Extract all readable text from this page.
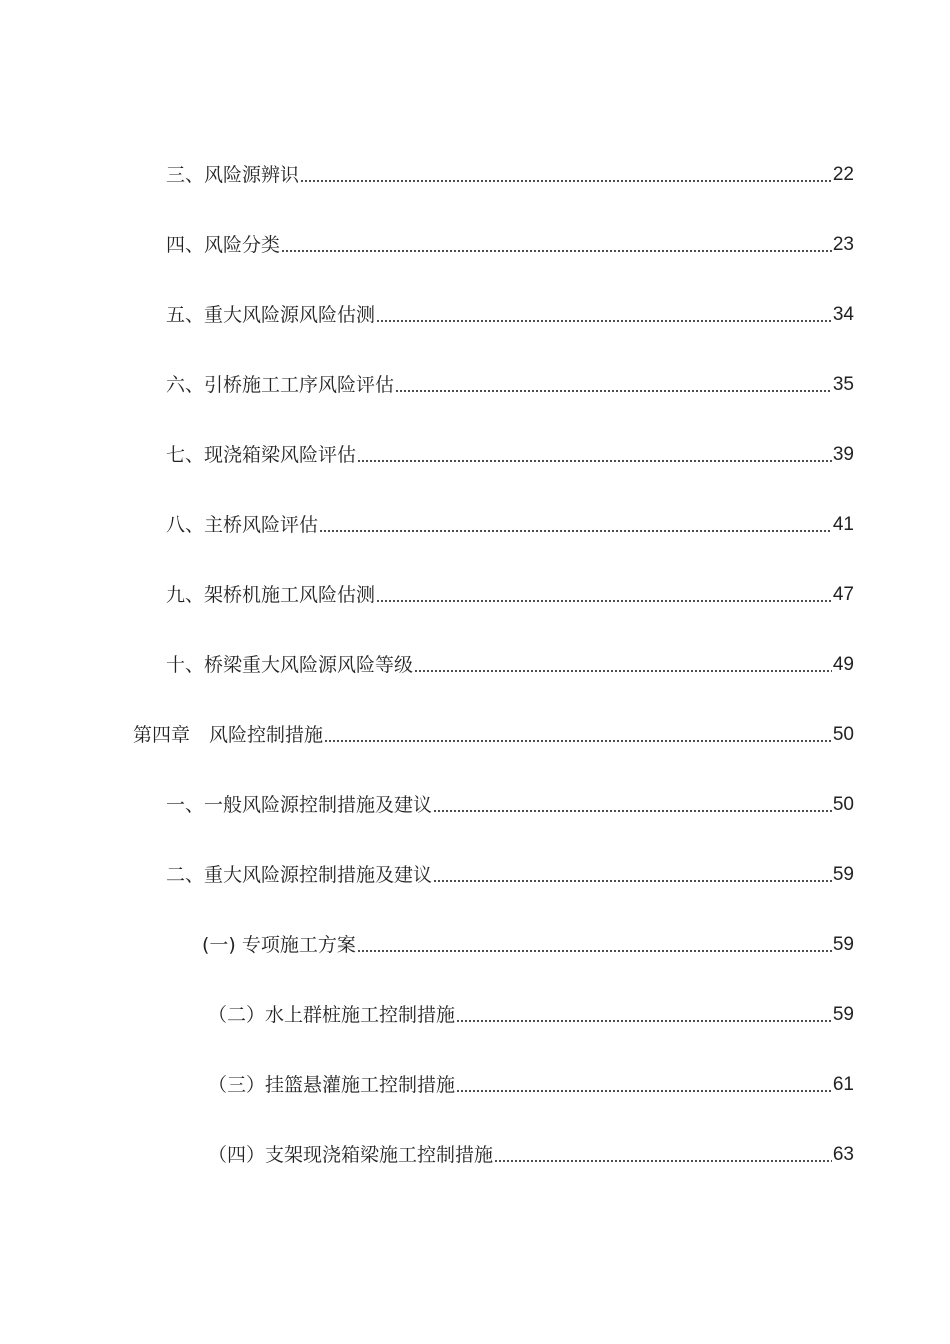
三、风险源辨识	22
四、风险分类	23
五、重大风险源风险估测	34
六、引桥施工工序风险评估	35
七、现浇箱梁风险评估	39
八、主桥风险评估	41
九、架桥机施工风险估测	47
十、桥梁重大风险源风险等级	49
第四章　风险控制措施	50
一、一般风险源控制措施及建议	50
二、重大风险源控制措施及建议	59
(一) 专项施工方案	59
（二）水上群桩施工控制措施	59
（三）挂篮悬灌施工控制措施	61
（四）支架现浇箱梁施工控制措施	63
